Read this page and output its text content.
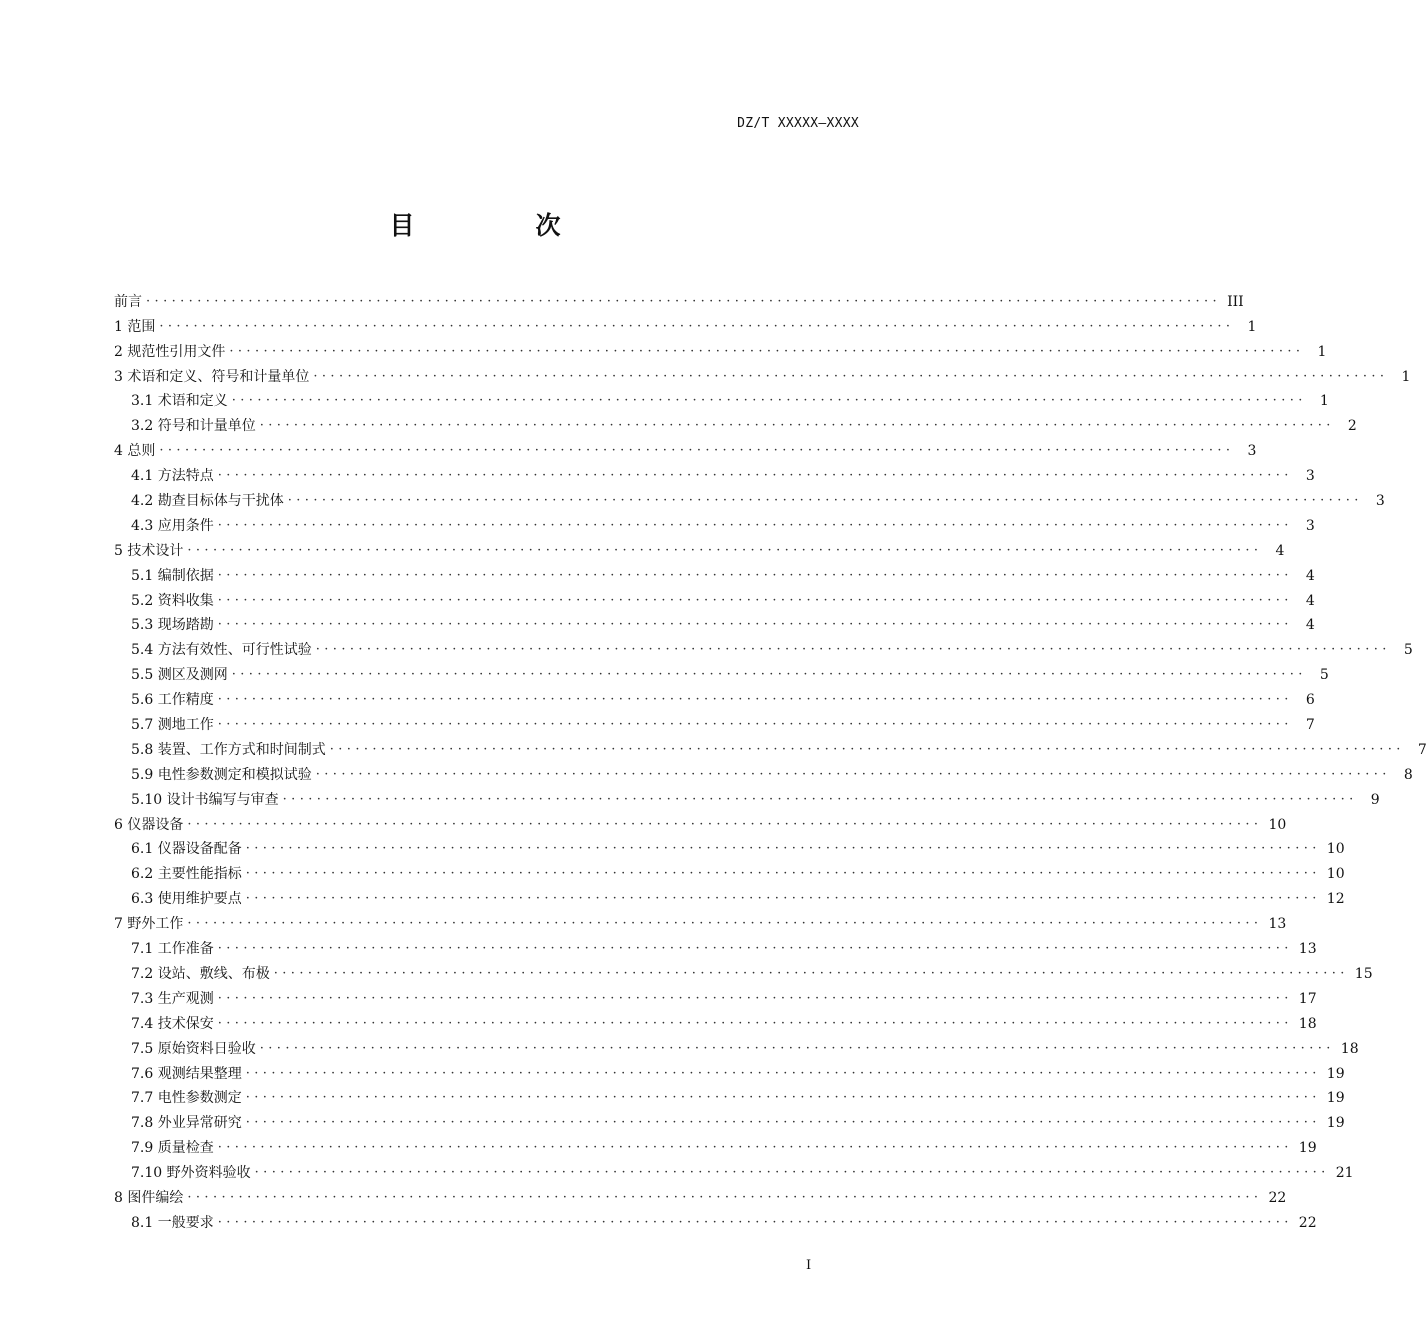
DZ/T XXXXX—XXXX
目　次
前言 ······························································································································ III
1 范围 ······························································································································ 1
2 规范性引用文件 ······························································································································ 1
3 术语和定义、符号和计量单位 ······························································································································ 1
3.1 术语和定义 ······························································································································ 1
3.2 符号和计量单位 ······························································································································ 2
4 总则 ······························································································································ 3
4.1 方法特点 ······························································································································ 3
4.2 勘查目标体与干扰体 ······························································································································ 3
4.3 应用条件 ······························································································································ 3
5 技术设计 ······························································································································ 4
5.1 编制依据 ······························································································································ 4
5.2 资料收集 ······························································································································ 4
5.3 现场踏勘 ······························································································································ 4
5.4 方法有效性、可行性试验 ······························································································································ 5
5.5 测区及测网 ······························································································································ 5
5.6 工作精度 ······························································································································ 6
5.7 测地工作 ······························································································································ 7
5.8 装置、工作方式和时间制式 ······························································································································ 7
5.9 电性参数测定和模拟试验 ······························································································································ 8
5.10 设计书编写与审查 ······························································································································ 9
6 仪器设备 ······························································································································ 10
6.1 仪器设备配备 ······························································································································ 10
6.2 主要性能指标 ······························································································································ 10
6.3 使用维护要点 ······························································································································ 12
7 野外工作 ······························································································································ 13
7.1 工作准备 ······························································································································ 13
7.2 设站、敷线、布极 ······························································································································ 15
7.3 生产观测 ······························································································································ 17
7.4 技术保安 ······························································································································ 18
7.5 原始资料日验收 ······························································································································ 18
7.6 观测结果整理 ······························································································································ 19
7.7 电性参数测定 ······························································································································ 19
7.8 外业异常研究 ······························································································································ 19
7.9 质量检查 ······························································································································ 19
7.10 野外资料验收 ······························································································································ 21
8 图件编绘 ······························································································································ 22
8.1 一般要求 ······························································································································ 22
I
